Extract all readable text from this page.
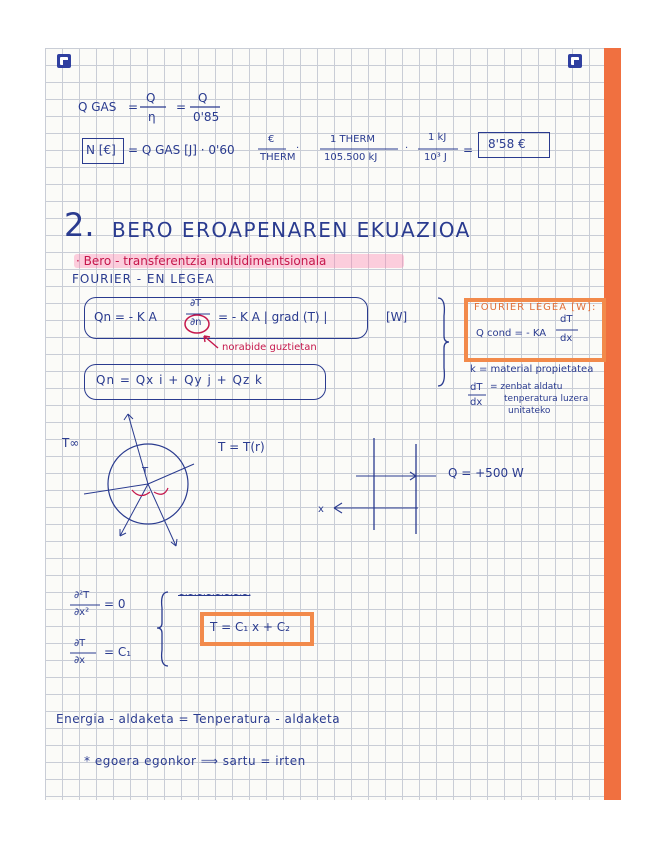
Q GAS =
Q
η
=
Q
0'85
N [€] = Q GAS [J] · 0'60
€
THERM
·
1 THERM
105.500 kJ
·
1 kJ
10³ J
= 8'58 €
2. BERO EROAPENAREN EKUAZIOA
· Bero - transferentzia multidimentsionala
FOURIER - EN LEGEA
Qn = - K A
∂T
∂n = - K A | grad (T) |	[W]
norabide guztietan
Qn = Qx i + Qy j + Qz k
FOURIER LEGEA [W]:
Q cond = - KA
dT
dx
k = material propietatea
dT
dx
= zenbat aldatu
tenperatura luzera
unitateko
T∞
T
T = T(r)
x
Q = +500 W
∂²T
∂x²
= 0
∂T
∂x
= C₁
~~~~~~~~
T = C₁ x + C₂
Energia - aldaketa = Tenperatura - aldaketa
* egoera egonkor ⟹ sartu = irten
